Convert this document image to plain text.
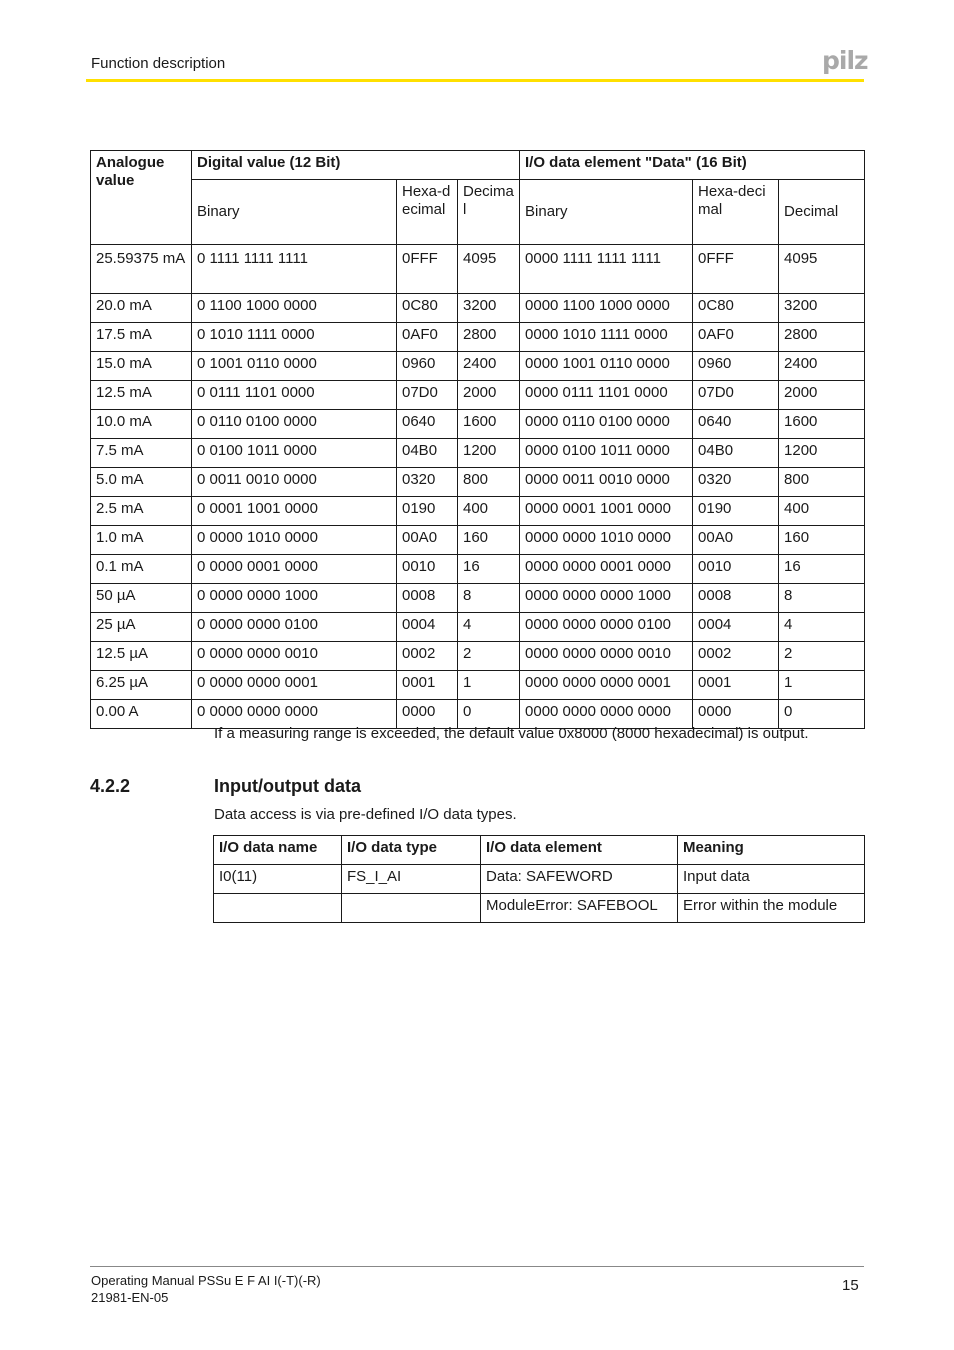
Function description	pilz
Analogue value	Digital value (12 Bit)			I/O data element "Data" (16 Bit)		
	Binary	Hexa-decimal	Decimal	Binary	Hexa-decimal	Decimal
25.59375 mA	0 1111 1111 1111	0FFF	4095	0000 1111 1111 1111	0FFF	4095
20.0 mA	0 1100 1000 0000	0C80	3200	0000 1100 1000 0000	0C80	3200
17.5 mA	0 1010 1111 0000	0AF0	2800	0000 1010 1111 0000	0AF0	2800
15.0 mA	0 1001 0110 0000	0960	2400	0000 1001 0110 0000	0960	2400
12.5 mA	0 0111 1101 0000	07D0	2000	0000 0111 1101 0000	07D0	2000
10.0 mA	0 0110 0100 0000	0640	1600	0000 0110 0100 0000	0640	1600
7.5 mA	0 0100 1011 0000	04B0	1200	0000 0100 1011 0000	04B0	1200
5.0 mA	0 0011 0010 0000	0320	800	0000 0011 0010 0000	0320	800
2.5 mA	0 0001 1001 0000	0190	400	0000 0001 1001 0000	0190	400
1.0 mA	0 0000 1010 0000	00A0	160	0000 0000 1010 0000	00A0	160
0.1 mA	0 0000 0001 0000	0010	16	0000 0000 0001 0000	0010	16
50 µA	0 0000 0000 1000	0008	8	0000 0000 0000 1000	0008	8
25 µA	0 0000 0000 0100	0004	4	0000 0000 0000 0100	0004	4
12.5 µA	0 0000 0000 0010	0002	2	0000 0000 0000 0010	0002	2
6.25 µA	0 0000 0000 0001	0001	1	0000 0000 0000 0001	0001	1
0.00 A	0 0000 0000 0000	0000	0	0000 0000 0000 0000	0000	0
If a measuring range is exceeded, the default value 0x8000 (8000 hexadecimal) is output.
4.2.2	Input/output data
Data access is via pre-defined I/O data types.
I/O data name	I/O data type	I/O data element	Meaning
I0(11)	FS_I_AI	Data: SAFEWORD	Input data
		ModuleError: SAFEBOOL	Error within the module
Operating Manual PSSu E F AI I(-T)(-R)
21981-EN-05
15
